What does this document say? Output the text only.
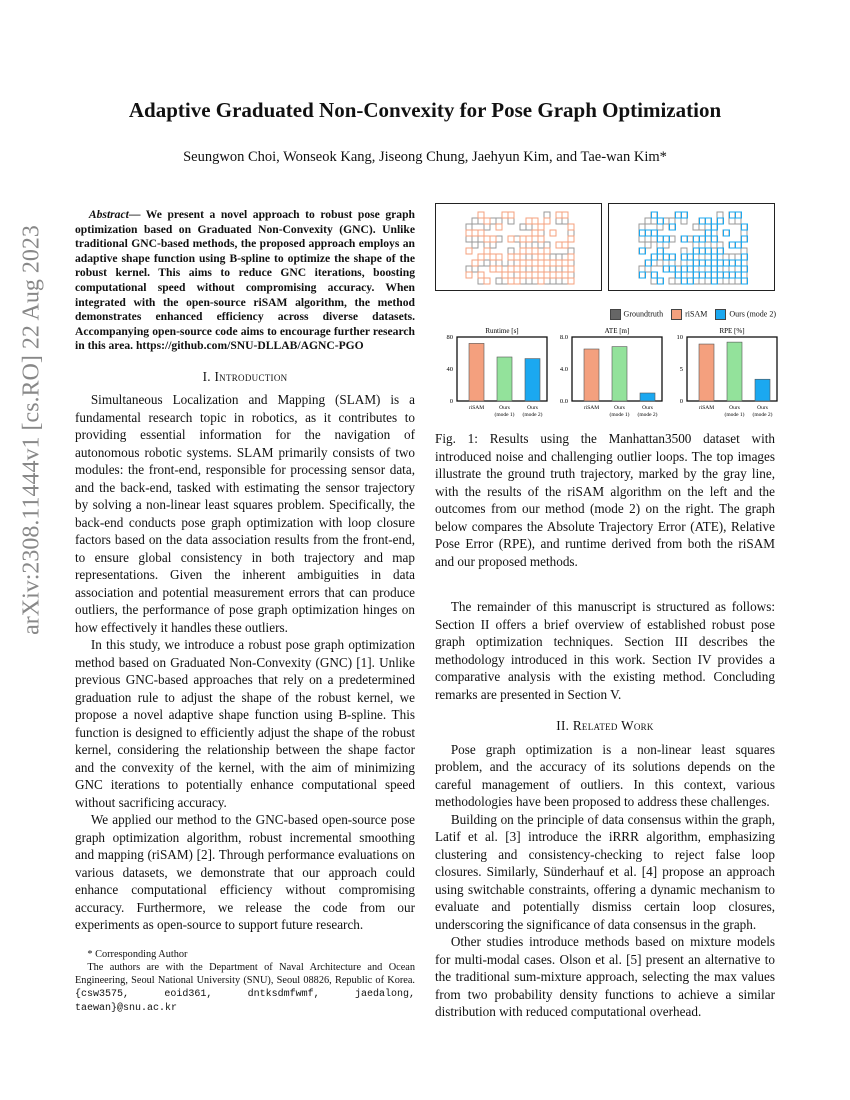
arXiv:2308.11444v1 [cs.RO] 22 Aug 2023
Adaptive Graduated Non-Convexity for Pose Graph Optimization
Seungwon Choi, Wonseok Kang, Jiseong Chung, Jaehyun Kim, and Tae-wan Kim*
Abstract— We present a novel approach to robust pose graph optimization based on Graduated Non-Convexity (GNC). Unlike traditional GNC-based methods, the proposed approach employs an adaptive shape function using B-spline to optimize the shape of the robust kernel. This aims to reduce GNC iterations, boosting computational speed without compromising accuracy. When integrated with the open-source riSAM algorithm, the method demonstrates enhanced efficiency across diverse datasets. Accompanying open-source code aims to encourage further research in this area. https://github.com/SNU-DLLAB/AGNC-PGO
I. Introduction

Simultaneous Localization and Mapping (SLAM) is a fundamental research topic in robotics, as it contributes to providing essential information for the navigation of autonomous robotic systems. SLAM primarily consists of two modules: the front-end, responsible for processing sensor data, and the back-end, tasked with estimating the sensor trajectory by solving a non-linear least squares problem. Specifically, the back-end conducts pose graph optimization with loop closure factors based on the data association results from the front-end, to ensure global consistency in both trajectory and map representations. Given the inherent ambiguities in data association and potential measurement errors that can produce outliers, the performance of pose graph optimization hinges on how effectively it handles these outliers.

In this study, we introduce a robust pose graph optimization method based on Graduated Non-Convexity (GNC) [1]. Unlike previous GNC-based approaches that rely on a predetermined graduation rule to adjust the shape of the robust kernel, we propose a novel adaptive shape function using B-spline. This function is designed to efficiently adjust the shape of the robust kernel, considering the relationship between the shape factor and the convexity of the kernel, with the aim of minimizing GNC iterations to potentially enhance computational speed without sacrificing accuracy.

We applied our method to the GNC-based open-source pose graph optimization algorithm, robust incremental smoothing and mapping (riSAM) [2]. Through performance evaluations on various datasets, we demonstrate that our approach could enhance computational efficiency without compromising accuracy. Furthermore, we release the code from our experiments as open-source to support future research.

* Corresponding Author

The authors are with the Department of Naval Architecture and Ocean Engineering, Seoul National University (SNU), Seoul 08826, Republic of Korea. {csw3575, eoid361, dntksdmfwmf, jaedalong, taewan}@snu.ac.kr

Groundtruth	riSAM	Ours (mode 2)
Runtime [s]
0
40
80
riSAM	Ours
(mode 1)
Ours
(mode 2)
ATE [m]
0.0
4.0
8.0
riSAM	Ours
(mode 1)
Ours
(mode 2)
RPE [%]
0
5
10
riSAM	Ours
(mode 1)
Ours
(mode 2)
Fig. 1: Results using the Manhattan3500 dataset with introduced noise and challenging outlier loops. The top images illustrate the ground truth trajectory, marked by the gray line, with the results of the riSAM algorithm on the left and the outcomes from our method (mode 2) on the right. The graph below compares the Absolute Trajectory Error (ATE), Relative Pose Error (RPE), and runtime derived from both the riSAM and our proposed methods.

The remainder of this manuscript is structured as follows: Section II offers a brief overview of established robust pose graph optimization techniques. Section III describes the methodology introduced in this work. Section IV provides a comparative analysis with the existing method. Concluding remarks are presented in Section V.

II. Related Work

Pose graph optimization is a non-linear least squares problem, and the accuracy of its solutions depends on the careful management of outliers. In this context, various methodologies have been proposed to address these challenges.

Building on the principle of data consensus within the graph, Latif et al. [3] introduce the iRRR algorithm, emphasizing clustering and consistency-checking to reject false loop closures. Similarly, Sünderhauf et al. [4] propose an approach using switchable constraints, offering a dynamic mechanism to evaluate and potentially dismiss certain loop closures, underscoring the significance of data consensus in the graph.

Other studies introduce methods based on mixture models for multi-modal cases. Olson et al. [5] present an alternative to the traditional sum-mixture approach, selecting the max values from two probability density functions to achieve a similar distribution with reduced computational overhead.
